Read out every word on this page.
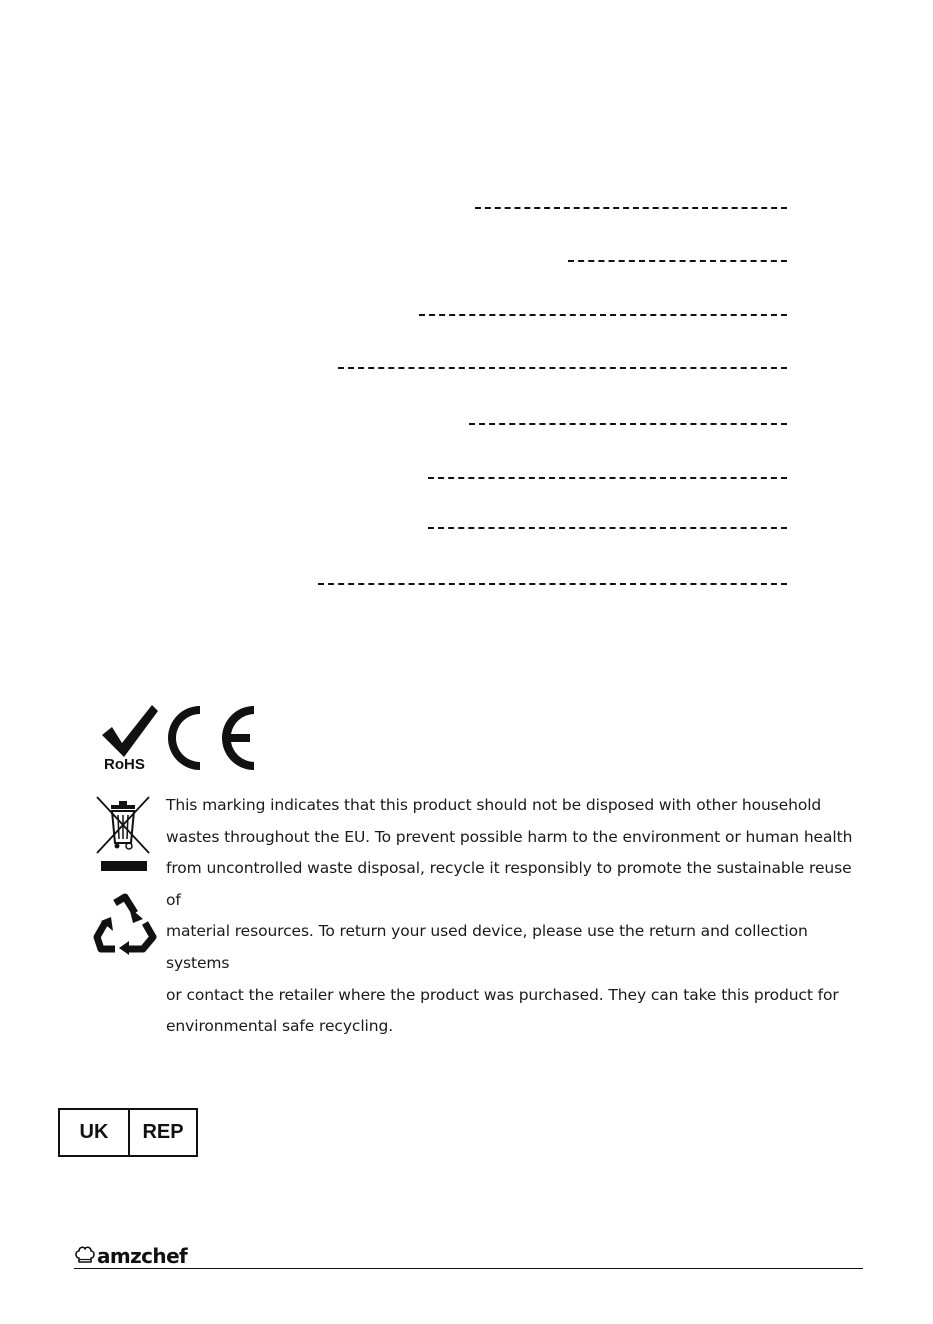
RoHS
This marking indicates that this product should not be disposed with other household
wastes throughout the EU. To prevent possible harm to the environment or human health
from uncontrolled waste disposal, recycle it responsibly to promote the sustainable reuse of
material resources. To return your used device, please use the return and collection systems
or contact the retailer where the product was purchased. They can take this product for
environmental safe recycling.
UK	REP
amzchef
